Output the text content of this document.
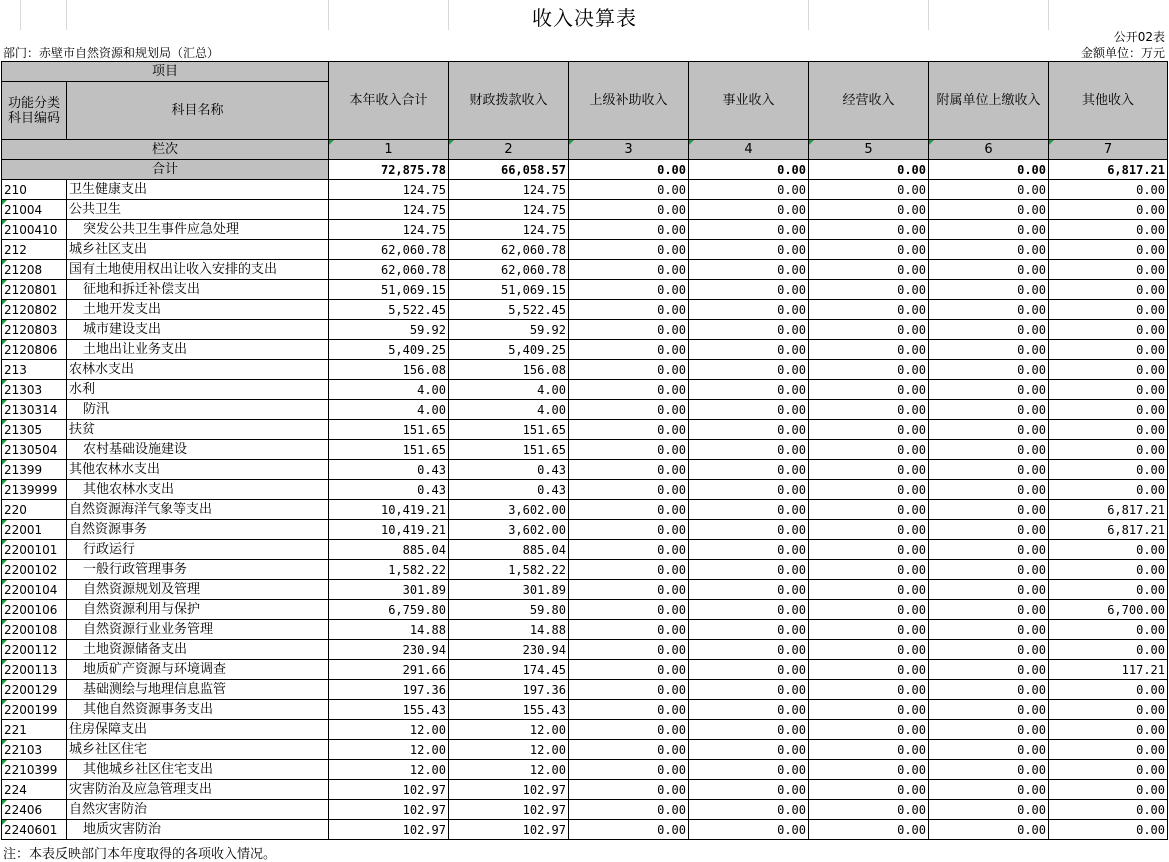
收入决算表
公开02表
部门：赤壁市自然资源和规划局（汇总）	金额单位：万元
项目		本年收入合计	财政拨款收入	上级补助收入	事业收入	经营收入	附属单位上缴收入	其他收入
功能分类科目编码	科目名称							

栏次		1	2	3	4	5	6	7
合计		72,875.78	66,058.57	0.00	0.00	0.00	0.00	6,817.21
210	卫生健康支出	124.75	124.75	0.00	0.00	0.00	0.00	0.00

21004	公共卫生	124.75	124.75	0.00	0.00	0.00	0.00	0.00

2100410	突发公共卫生事件应急处理	124.75	124.75	0.00	0.00	0.00	0.00	0.00
212	城乡社区支出	62,060.78	62,060.78	0.00	0.00	0.00	0.00	0.00

21208	国有土地使用权出让收入安排的支出	62,060.78	62,060.78	0.00	0.00	0.00	0.00	0.00

2120801	征地和拆迁补偿支出	51,069.15	51,069.15	0.00	0.00	0.00	0.00	0.00

2120802	土地开发支出	5,522.45	5,522.45	0.00	0.00	0.00	0.00	0.00

2120803	城市建设支出	59.92	59.92	0.00	0.00	0.00	0.00	0.00

2120806	土地出让业务支出	5,409.25	5,409.25	0.00	0.00	0.00	0.00	0.00
213	农林水支出	156.08	156.08	0.00	0.00	0.00	0.00	0.00

21303	水利	4.00	4.00	0.00	0.00	0.00	0.00	0.00

2130314	防汛	4.00	4.00	0.00	0.00	0.00	0.00	0.00

21305	扶贫	151.65	151.65	0.00	0.00	0.00	0.00	0.00

2130504	农村基础设施建设	151.65	151.65	0.00	0.00	0.00	0.00	0.00

21399	其他农林水支出	0.43	0.43	0.00	0.00	0.00	0.00	0.00

2139999	其他农林水支出	0.43	0.43	0.00	0.00	0.00	0.00	0.00
220	自然资源海洋气象等支出	10,419.21	3,602.00	0.00	0.00	0.00	0.00	6,817.21

22001	自然资源事务	10,419.21	3,602.00	0.00	0.00	0.00	0.00	6,817.21

2200101	行政运行	885.04	885.04	0.00	0.00	0.00	0.00	0.00

2200102	一般行政管理事务	1,582.22	1,582.22	0.00	0.00	0.00	0.00	0.00

2200104	自然资源规划及管理	301.89	301.89	0.00	0.00	0.00	0.00	0.00

2200106	自然资源利用与保护	6,759.80	59.80	0.00	0.00	0.00	0.00	6,700.00

2200108	自然资源行业业务管理	14.88	14.88	0.00	0.00	0.00	0.00	0.00

2200112	土地资源储备支出	230.94	230.94	0.00	0.00	0.00	0.00	0.00

2200113	地质矿产资源与环境调查	291.66	174.45	0.00	0.00	0.00	0.00	117.21

2200129	基础测绘与地理信息监管	197.36	197.36	0.00	0.00	0.00	0.00	0.00

2200199	其他自然资源事务支出	155.43	155.43	0.00	0.00	0.00	0.00	0.00
221	住房保障支出	12.00	12.00	0.00	0.00	0.00	0.00	0.00

22103	城乡社区住宅	12.00	12.00	0.00	0.00	0.00	0.00	0.00

2210399	其他城乡社区住宅支出	12.00	12.00	0.00	0.00	0.00	0.00	0.00
224	灾害防治及应急管理支出	102.97	102.97	0.00	0.00	0.00	0.00	0.00

22406	自然灾害防治	102.97	102.97	0.00	0.00	0.00	0.00	0.00

2240601	地质灾害防治	102.97	102.97	0.00	0.00	0.00	0.00	0.00
注：本表反映部门本年度取得的各项收入情况。
